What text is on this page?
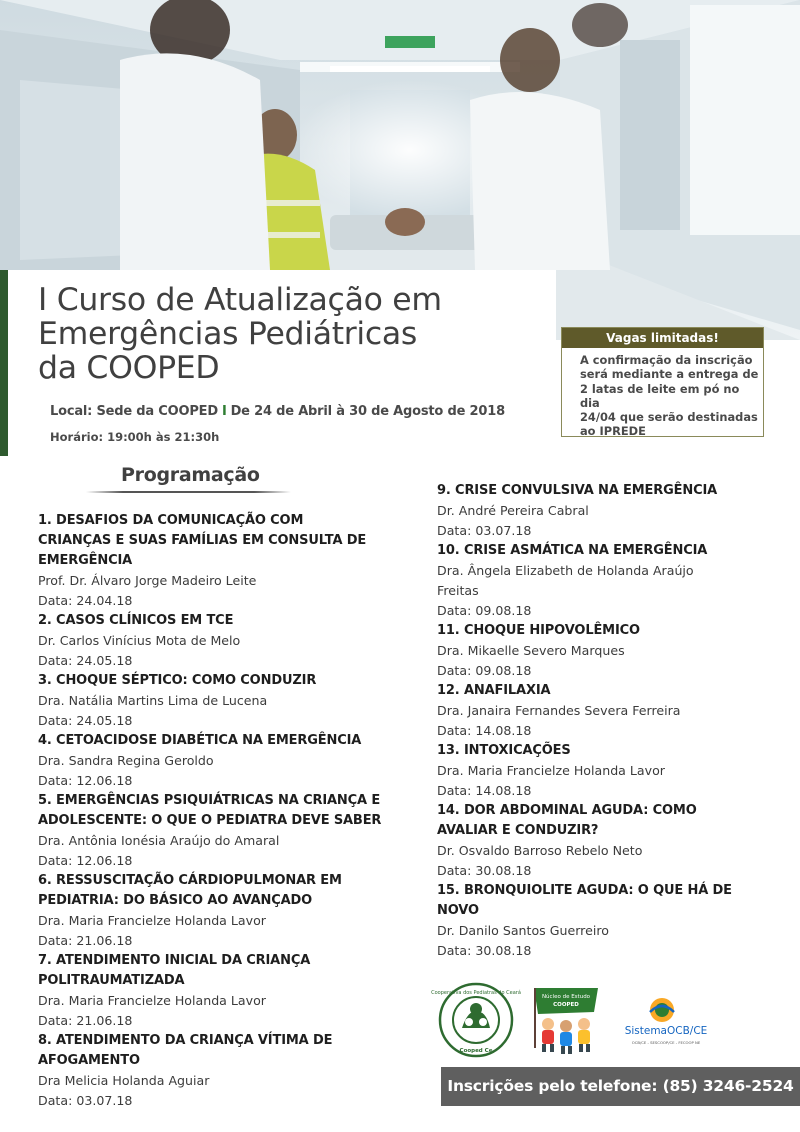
I Curso de Atualização em
Emergências Pediátricas
da COOPED
Local: Sede da COOPED I De 24 de Abril à 30 de Agosto de 2018
Horário: 19:00h às 21:30h
Vagas limitadas!
A confirmação da inscrição
será mediante a entrega de
2 latas de leite em pó no dia
24/04 que serão destinadas
ao IPREDE
Programação
1. DESAFIOS DA COMUNICAÇÃO COM
CRIANÇAS E SUAS FAMÍLIAS EM CONSULTA DE
EMERGÊNCIA
Prof. Dr. Álvaro Jorge Madeiro Leite
Data: 24.04.18
2. CASOS CLÍNICOS EM TCE
Dr. Carlos Vinícius Mota de Melo
Data: 24.05.18
3. CHOQUE SÉPTICO: COMO CONDUZIR
Dra. Natália Martins Lima de Lucena
Data: 24.05.18
4. CETOACIDOSE DIABÉTICA NA EMERGÊNCIA
Dra. Sandra Regina Geroldo
Data: 12.06.18
5. EMERGÊNCIAS PSIQUIÁTRICAS NA CRIANÇA E
ADOLESCENTE: O QUE O PEDIATRA DEVE SABER
Dra. Antônia Ionésia Araújo do Amaral
Data: 12.06.18
6. RESSUSCITAÇÃO CÁRDIOPULMONAR EM
PEDIATRIA: DO BÁSICO AO AVANÇADO
Dra. Maria Francielze Holanda Lavor
Data: 21.06.18
7. ATENDIMENTO INICIAL DA CRIANÇA
POLITRAUMATIZADA
Dra. Maria Francielze Holanda Lavor
Data: 21.06.18
8. ATENDIMENTO DA CRIANÇA VÍTIMA DE
AFOGAMENTO
Dra Melicia Holanda Aguiar
Data: 03.07.18
9. CRISE CONVULSIVA NA EMERGÊNCIA
Dr. André Pereira Cabral
Data: 03.07.18
10. CRISE ASMÁTICA NA EMERGÊNCIA
Dra. Ângela Elizabeth de Holanda Araújo
Freitas
Data: 09.08.18
11. CHOQUE HIPOVOLÊMICO
Dra. Mikaelle Severo Marques
Data: 09.08.18
12. ANAFILAXIA
Dra. Janaira Fernandes Severa Ferreira
Data: 14.08.18
13. INTOXICAÇÕES
Dra. Maria Francielze Holanda Lavor
Data: 14.08.18
14. DOR ABDOMINAL AGUDA: COMO
AVALIAR E CONDUZIR?
Dr. Osvaldo Barroso Rebelo Neto
Data: 30.08.18
15. BRONQUIOLITE AGUDA: O QUE HÁ DE
NOVO
Dr. Danilo Santos Guerreiro
Data: 30.08.18
Cooperativa dos Pediatras do Ceará
Cooped Ce
Núcleo de Estudo
COOPED
SistemaOCB/CE
OCB/CE - SESCOOP/CE - FECOOP NE
Inscrições pelo telefone: (85) 3246-2524
